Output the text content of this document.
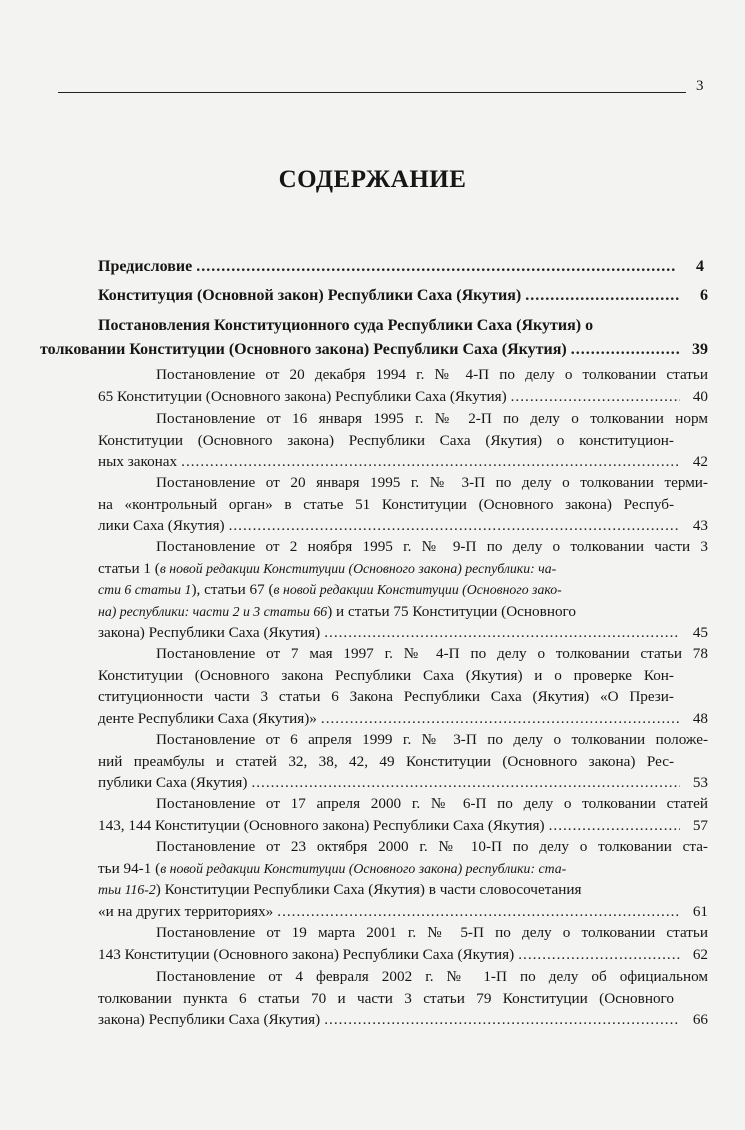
3
СОДЕРЖАНИЕ
Предисловие .....	4
Конституция (Основной закон) Республики Саха (Якутия) .....	6
Постановления Конституционного суда Республики Саха (Якутия) о
толковании Конституции (Основного закона) Республики Саха (Якутия) .....	39
Постановление от 20 декабря 1994 г. № 4-П по делу о толковании статьи
65 Конституции (Основного закона) Республики Саха (Якутия) .....	40
Постановление от 16 января 1995 г. № 2-П по делу о толковании норм
Конституции (Основного закона) Республики Саха (Якутия) о конституцион-
ных законах .....	42
Постановление от 20 января 1995 г. № 3-П по делу о толковании терми-
на «контрольный орган» в статье 51 Конституции (Основного закона) Респуб-
лики Саха (Якутия) .....	43
Постановление от 2 ноября 1995 г. № 9-П по делу о толковании части 3
статьи 1 ( в новой редакции Конституции (Основного закона) республики: ча-
сти 6 статьи 1 ), статьи 67 ( в новой редакции Конституции (Основного зако-
на) республики: части 2 и 3 статьи 66 ) и статьи 75 Конституции (Основного
закона) Республики Саха (Якутия) .....	45
Постановление от 7 мая 1997 г. № 4-П по делу о толковании статьи 78
Конституции (Основного закона Республики Саха (Якутия) и о проверке Кон-
ституционности части 3 статьи 6 Закона Республики Саха (Якутия) «О Прези-
денте Республики Саха (Якутия)» .....	48
Постановление от 6 апреля 1999 г. № 3-П по делу о толковании положе-
ний преамбулы и статей 32, 38, 42, 49 Конституции (Основного закона) Рес-
публики Саха (Якутия) .....	53
Постановление от 17 апреля 2000 г. № 6-П по делу о толковании статей
143, 144 Конституции (Основного закона) Республики Саха (Якутия) .....	57
Постановление от 23 октября 2000 г. № 10-П по делу о толковании ста-
тьи 94-1 ( в новой редакции Конституции (Основного закона) республики: ста-
тьи 116-2 ) Конституции Республики Саха (Якутия) в части словосочетания
«и на других территориях» .....	61
Постановление от 19 марта 2001 г. № 5-П по делу о толковании статьи
143 Конституции (Основного закона) Республики Саха (Якутия) .....	62
Постановление от 4 февраля 2002 г. № 1-П по делу об официальном
толковании пункта 6 статьи 70 и части 3 статьи 79 Конституции (Основного
закона) Республики Саха (Якутия) .....	66
